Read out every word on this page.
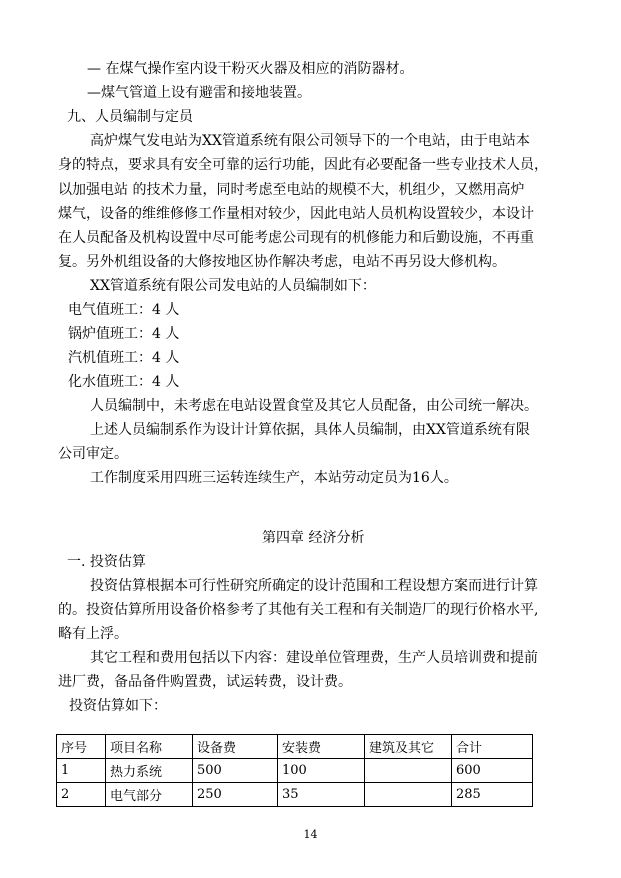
— 在煤气操作室内设干粉灭火器及相应的消防器材。
—煤气管道上设有避雷和接地装置。
九、人员编制与定员
高炉煤气发电站为XX管道系统有限公司领导下的一个电站，由于电站本
身的特点，要求具有安全可靠的运行功能，因此有必要配备一些专业技术人员，
以加强电站 的技术力量，同时考虑至电站的规模不大，机组少，又燃用高炉
煤气，设备的维维修修工作量相对较少，因此电站人员机构设置较少，本设计
在人员配备及机构设置中尽可能考虑公司现有的机修能力和后勤设施，不再重
复。另外机组设备的大修按地区协作解决考虑，电站不再另设大修机构。
XX管道系统有限公司发电站的人员编制如下：
电气值班工：4 人
锅炉值班工：4 人
汽机值班工：4 人
化水值班工：4 人
人员编制中，未考虑在电站设置食堂及其它人员配备，由公司统一解决。
上述人员编制系作为设计计算依据，具体人员编制，由XX管道系统有限
公司审定。
工作制度采用四班三运转连续生产，本站劳动定员为16人。
第四章 经济分析
一. 投资估算
投资估算根据本可行性研究所确定的设计范围和工程设想方案而进行计算
的。投资估算所用设备价格参考了其他有关工程和有关制造厂的现行价格水平,
略有上浮。
其它工程和费用包括以下内容：建设单位管理费，生产人员培训费和提前
进厂费，备品备件购置费，试运转费，设计费。
投资估算如下：
序号	项目名称	设备费	安装费	建筑及其它	合计
1	热力系统	500	100		600
2	电气部分	250	35		285
14
